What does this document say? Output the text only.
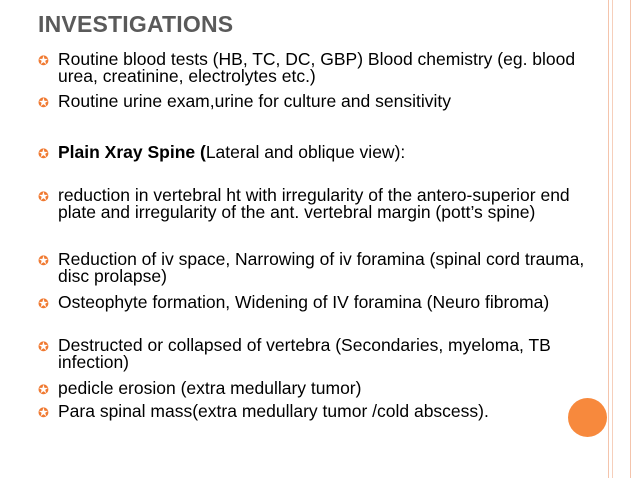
INVESTIGATIONS
✪ Routine blood tests (HB, TC, DC, GBP) Blood chemistry (eg. blood urea, creatinine, electrolytes etc.)
✪ Routine urine exam,urine for culture and sensitivity
✪ Plain Xray Spine (Lateral and oblique view):
✪ reduction in vertebral ht with irregularity of the antero-superior end plate and irregularity of the ant. vertebral margin (pott’s spine)
✪ Reduction of iv space, Narrowing of iv foramina (spinal cord trauma, disc prolapse)
✪ Osteophyte formation, Widening of IV foramina (Neuro fibroma)
✪ Destructed or collapsed of vertebra (Secondaries, myeloma, TB infection)
✪ pedicle erosion (extra medullary tumor)
✪ Para spinal mass(extra medullary tumor /cold abscess).
